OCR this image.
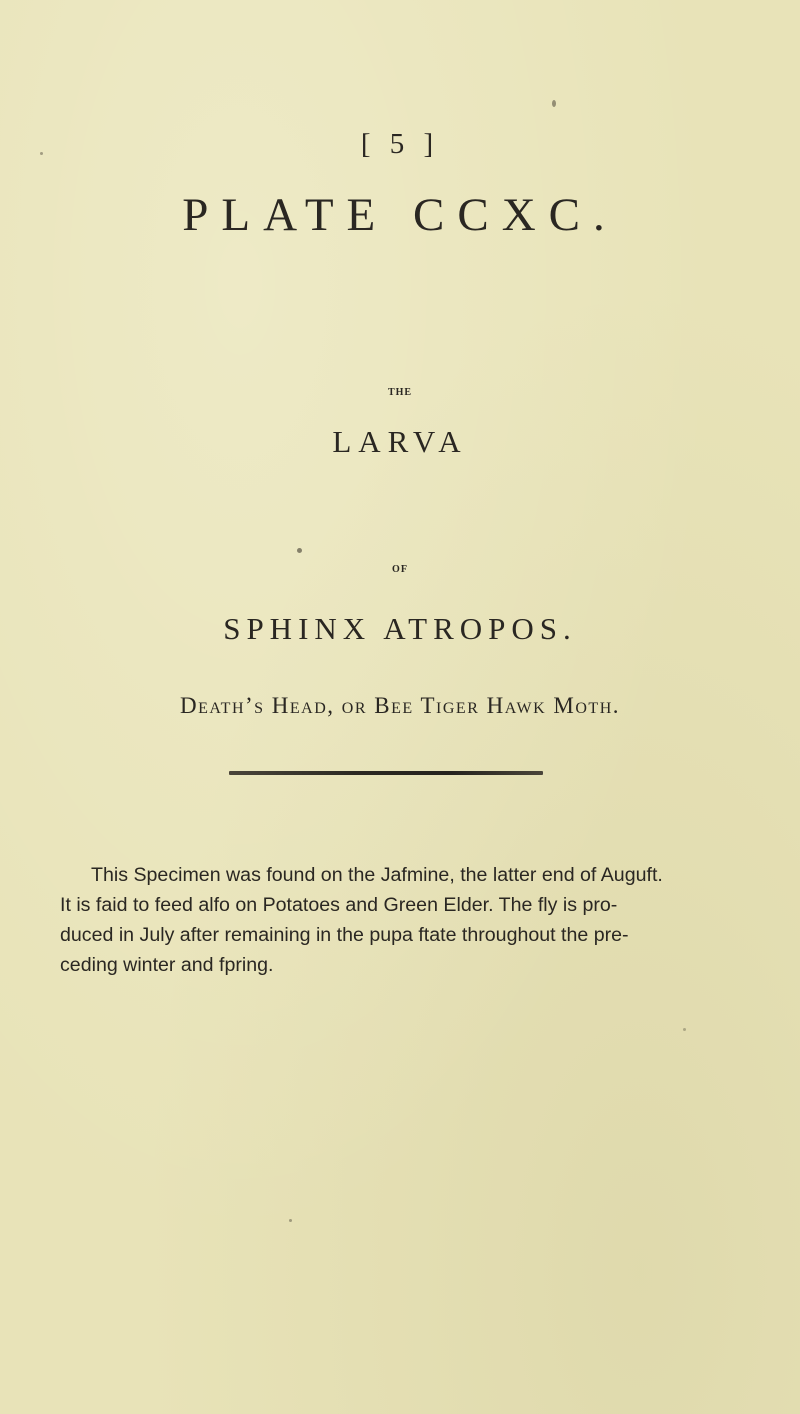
[ 5 ]
PLATE CCXC.
THE
LARVA
OF
SPHINX ATROPOS.
Death’s Head, or Bee Tiger Hawk Moth.
This Specimen was found on the Jafmine, the latter end of Auguft.
It is faid to feed alfo on Potatoes and Green Elder. The fly is pro-
duced in July after remaining in the pupa ftate throughout the pre-
ceding winter and fpring.
